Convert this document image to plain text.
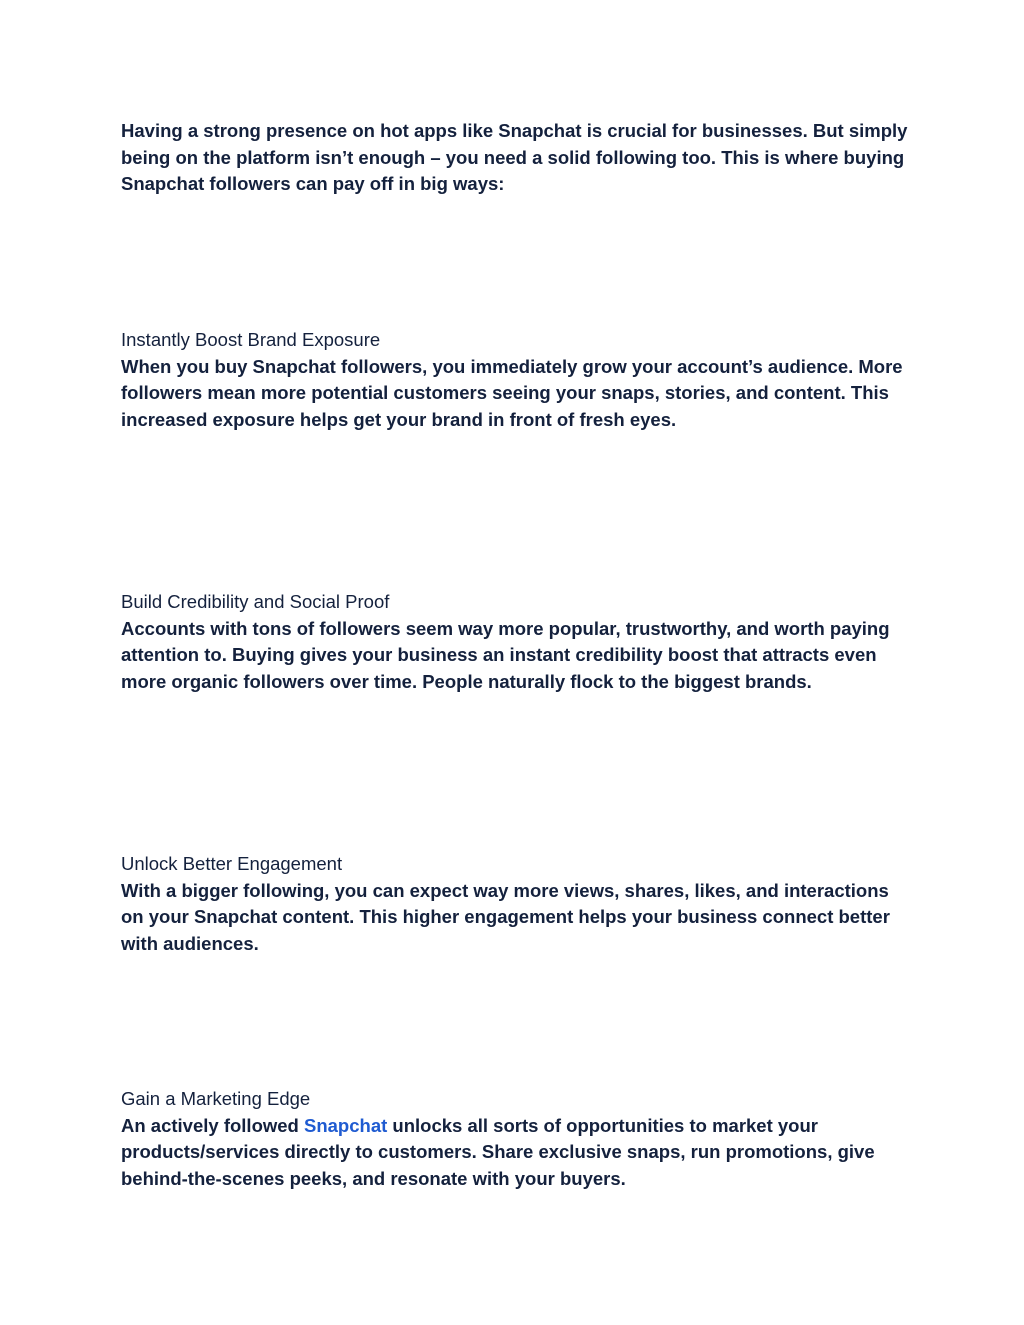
Having a strong presence on hot apps like Snapchat is crucial for businesses. But simply being on the platform isn’t enough – you need a solid following too. This is where buying Snapchat followers can pay off in big ways:

Instantly Boost Brand Exposure

When you buy Snapchat followers, you immediately grow your account’s audience. More followers mean more potential customers seeing your snaps, stories, and content. This increased exposure helps get your brand in front of fresh eyes.

Build Credibility and Social Proof

Accounts with tons of followers seem way more popular, trustworthy, and worth paying attention to. Buying gives your business an instant credibility boost that attracts even more organic followers over time. People naturally flock to the biggest brands.

Unlock Better Engagement

With a bigger following, you can expect way more views, shares, likes, and interactions on your Snapchat content. This higher engagement helps your business connect better with audiences.

Gain a Marketing Edge

An actively followed Snapchat unlocks all sorts of opportunities to market your products/services directly to customers. Share exclusive snaps, run promotions, give behind-the-scenes peeks, and resonate with your buyers.
